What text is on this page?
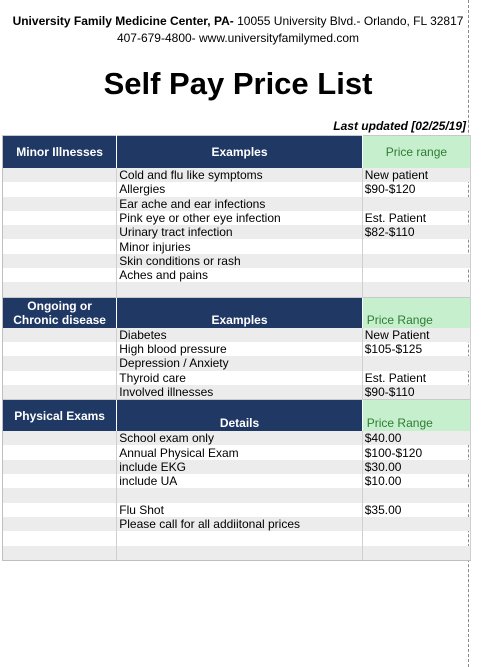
University Family Medicine Center, PA- 10055 University Blvd.- Orlando, FL 32817
407-679-4800- www.universityfamilymed.com
Self Pay Price List
Last updated [02/25/19]
Minor Illnesses	Examples	Price range
	Cold and flu like symptoms	New patient
	Allergies	$90-$120
	Ear ache and ear infections	
	Pink eye or other eye infection	Est. Patient
	Urinary tract infection	$82-$110
	Minor injuries	
	Skin conditions or rash	
	Aches and pains	

Ongoing or Chronic disease	Examples	Price Range
	Diabetes	New Patient
	High blood pressure	$105-$125
	Depression / Anxiety	
	Thyroid care	Est. Patient
	Involved illnesses	$90-$110
Physical Exams	Details	Price Range
	School exam only	$40.00
	Annual Physical Exam	$100-$120
	include EKG	$30.00
	include UA	$10.00

	Flu Shot	$35.00
	Please call for all addiitonal prices	
